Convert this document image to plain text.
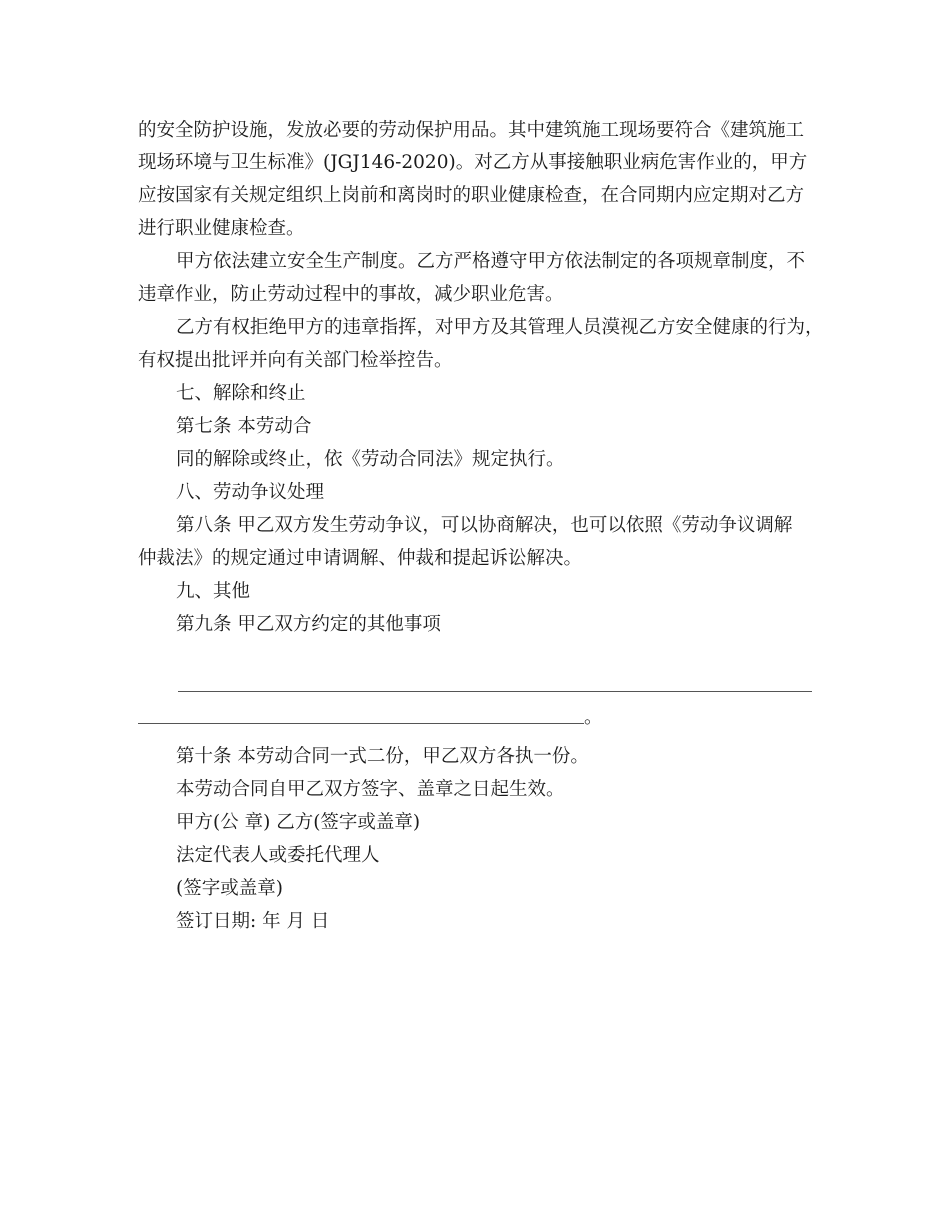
的安全防护设施，发放必要的劳动保护用品。其中建筑施工现场要符合《建筑施工
现场环境与卫生标准》(JGJ146-2020)。对乙方从事接触职业病危害作业的，甲方
应按国家有关规定组织上岗前和离岗时的职业健康检查，在合同期内应定期对乙方
进行职业健康检查。
甲方依法建立安全生产制度。乙方严格遵守甲方依法制定的各项规章制度，不
违章作业，防止劳动过程中的事故，减少职业危害。
乙方有权拒绝甲方的违章指挥，对甲方及其管理人员漠视乙方安全健康的行为，
有权提出批评并向有关部门检举控告。
七、解除和终止
第七条 本劳动合
同的解除或终止，依《劳动合同法》规定执行。
八、劳动争议处理
第八条 甲乙双方发生劳动争议，可以协商解决，也可以依照《劳动争议调解
仲裁法》的规定通过申请调解、仲裁和提起诉讼解决。
九、其他
第九条 甲乙双方约定的其他事项
。
第十条 本劳动合同一式二份，甲乙双方各执一份。
本劳动合同自甲乙双方签字、盖章之日起生效。
甲方(公 章) 乙方(签字或盖章)
法定代表人或委托代理人
(签字或盖章)
签订日期: 年 月 日
